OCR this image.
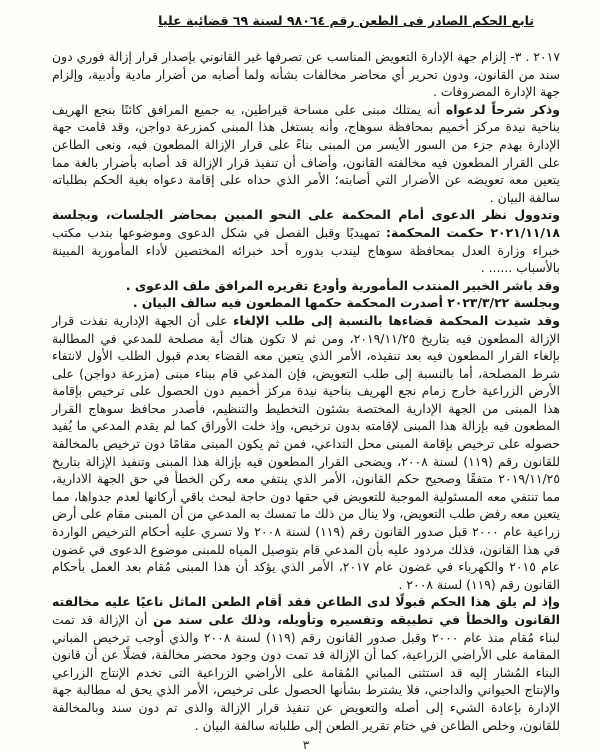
تابع الحكم الصادر فى الطعن رقم ٩٨٠٦٤ لسنة ٦٩ قضائية عليا

٢٠١٧ . ٣- إلزام جهة الإدارة التعويض المناسب عن تصرفها غير القانوني بإصدار قرار إزالة فوري دون سند من القانون، ودون تحرير أي محاضر مخالفات بشأنه ولما أصابه من أضرار مادية وأدبية، وإلزام جهة الإدارة المصروفات .

وذكر شرحاً لدعواه أنه يمتلك مبنى على مساحة قيراطين، به جميع المرافق كائنًا بنجع الهريف بناحية نيدة مركز أخميم بمحافظة سوهاج، وأنه يستغل هذا المبنى كمزرعة دواجن، وقد قامت جهة الإدارة بهدم جزء من السور الأيسر من المبنى بناءً على قرار الإزالة المطعون فيه، ونعى الطاعن على القرار المطعون فيه مخالفته القانون، وأضاف أن تنفيذ قرار الإزالة قد أصابه بأضرار بالغة مما يتعين معه تعويضه عن الأضرار التي أصابته؛ الأمر الذي حداه على إقامة دعواه بغية الحكم بطلباته سالفة البيان .

وتدوول نظر الدعوى أمام المحكمة على النحو المبين بمحاضر الجلسات، وبجلسة ٢٠٢١/١١/١٨ حكمت المحكمة: تمهيديًا وقبل الفصل في شكل الدعوى وموضوعها بندب مكتب خبراء وزارة العدل بمحافظة سوهاج ليندب بدوره أحد خبرائه المختصين لأداء المأمورية المبينة بالأسباب ...... .

وقد باشر الخبير المنتدب المأمورية وأودع تقريره المرافق ملف الدعوى .

وبجلسة ٢٠٢٣/٣/٢٢ أصدرت المحكمة حكمها المطعون فيه سالف البيان .

وقد شيدت المحكمة قضاءها بالنسبة إلى طلب الإلغاء على أن الجهة الإدارية نفذت قرار الإزالة المطعون فيه بتاريخ ٢٠١٩/١١/٢٥، ومن ثم لا تكون هناك أية مصلحة للمدعي في المطالبة بإلغاء القرار المطعون فيه بعد تنفيذه، الأمر الذي يتعين معه القضاء بعدم قبول الطلب الأول لانتفاء شرط المصلحة، أما بالنسبة إلى طلب التعويض، فإن المدعي قام ببناء مبنى (مزرعة دواجن) على الأرض الزراعية خارج زمام نجع الهريف بناحية نيدة مركز أخميم دون الحصول على ترخيص بإقامة هذا المبنى من الجهة الإدارية المختصة بشئون التخطيط والتنظيم، فأصدر محافظ سوهاج القرار المطعون فيه بإزالة هذا المبنى لإقامته بدون ترخيص، وإذ خلت الأوراق كما لم يقدم المدعي ما يُفيد حصوله على ترخيص بإقامة المبنى محل التداعي، فمن ثم يكون المبنى مقامًا دون ترخيص بالمخالفة للقانون رقم (١١٩) لسنة ٢٠٠٨، ويضحى القرار المطعون فيه بإزالة هذا المبنى وتنفيذ الإزالة بتاريخ ٢٠١٩/١١/٢٥ متفقًا وصحيح حكم القانون، الأمر الذي ينتفي معه ركن الخطأ في حق الجهة الادارية، مما تنتفي معه المسئولية الموجبة للتعويض في حقها دون حاجة لبحث باقي أركانها لعدم جدواها، مما يتعين معه رفض طلب التعويض، ولا ينال من ذلك ما تمسك به المدعي من أن المبنى مقام على أرض زراعية عام ٢٠٠٠ قبل صدور القانون رقم (١١٩) لسنة ٢٠٠٨ ولا تسري عليه أحكام الترخيص الواردة في هذا القانون، فذلك مردود عليه بأن المدعي قام بتوصيل المياه للمبنى موضوع الدعوى في غضون عام ٢٠١٥ والكهرباء في غضون عام ٢٠١٧، الأمر الذي يؤكد أن هذا المبنى مُقام بعد العمل بأحكام القانون رقم (١١٩) لسنة ٢٠٠٨ .

وإذ لم يلق هذا الحكم قبولًا لدى الطاعن فقد أقام الطعن الماثل ناعيًا عليه مخالفته القانون والخطأ في تطبيقه وتفسيره وتأويله، وذلك على سند من أن الإزالة قد تمت لبناء مُقام منذ عام ٢٠٠٠ وقبل صدور القانون رقم (١١٩) لسنة ٢٠٠٨ والذي أوجب ترخيص المباني المقامة على الأراضي الزراعية، كما أن الإزالة قد تمت دون وجود محضر مخالفة، فضلًا عن أن قانون البناء المُشار إليه قد استثنى المباني المُقامة على الأراضي الزراعية التى تخدم الإنتاج الزراعي والإنتاج الحيواني والداجني، فلا يشترط بشأنها الحصول على ترخيص، الأمر الذي يحق له مطالبة جهة الإدارة بإعادة الشيء إلى أصله والتعويض عن تنفيذ قرار الإزالة والذى تم دون سند وبالمخالفة للقانون، وخلص الطاعن في ختام تقرير الطعن إلى طلباته سالفة البيان .

٣
